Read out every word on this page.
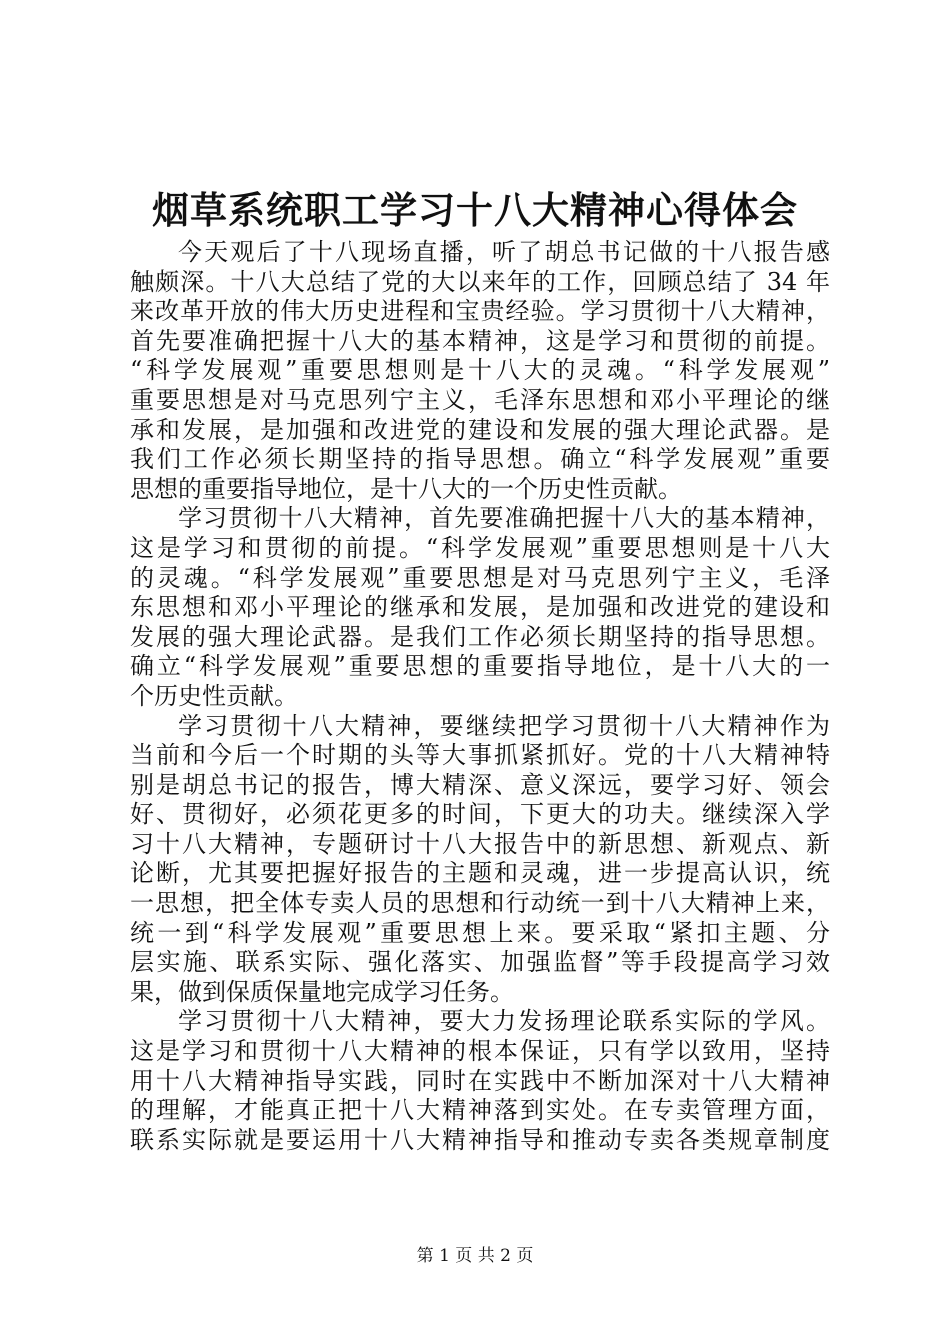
烟草系统职工学习十八大精神心得体会
今天观后了十八现场直播，听了胡总书记做的十八报告感
触颇深。十八大总结了党的大以来年的工作，回顾总结了 34 年
来改革开放的伟大历史进程和宝贵经验。学习贯彻十八大精神，
首先要准确把握十八大的基本精神，这是学习和贯彻的前提。
“科学发展观”重要思想则是十八大的灵魂。“科学发展观”
重要思想是对马克思列宁主义，毛泽东思想和邓小平理论的继
承和发展，是加强和改进党的建设和发展的强大理论武器。是
我们工作必须长期坚持的指导思想。确立“科学发展观”重要
思想的重要指导地位，是十八大的一个历史性贡献。
学习贯彻十八大精神，首先要准确把握十八大的基本精神，
这是学习和贯彻的前提。“科学发展观”重要思想则是十八大
的灵魂。“科学发展观”重要思想是对马克思列宁主义，毛泽
东思想和邓小平理论的继承和发展，是加强和改进党的建设和
发展的强大理论武器。是我们工作必须长期坚持的指导思想。
确立“科学发展观”重要思想的重要指导地位，是十八大的一
个历史性贡献。
学习贯彻十八大精神，要继续把学习贯彻十八大精神作为
当前和今后一个时期的头等大事抓紧抓好。党的十八大精神特
别是胡总书记的报告，博大精深、意义深远，要学习好、领会
好、贯彻好，必须花更多的时间，下更大的功夫。继续深入学
习十八大精神，专题研讨十八大报告中的新思想、新观点、新
论断，尤其要把握好报告的主题和灵魂，进一步提高认识，统
一思想，把全体专卖人员的思想和行动统一到十八大精神上来，
统一到“科学发展观”重要思想上来。要采取“紧扣主题、分
层实施、联系实际、强化落实、加强监督”等手段提高学习效
果，做到保质保量地完成学习任务。
学习贯彻十八大精神，要大力发扬理论联系实际的学风。
这是学习和贯彻十八大精神的根本保证，只有学以致用，坚持
用十八大精神指导实践，同时在实践中不断加深对十八大精神
的理解，才能真正把十八大精神落到实处。在专卖管理方面，
联系实际就是要运用十八大精神指导和推动专卖各类规章制度
第 1 页 共 2 页
